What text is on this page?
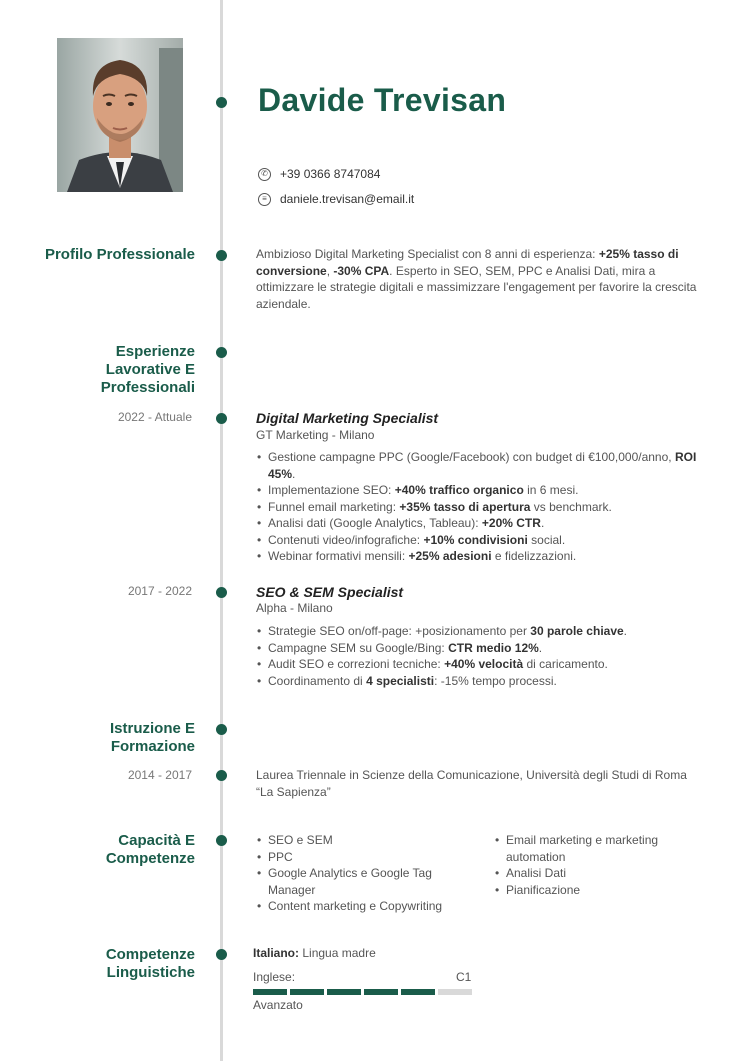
Davide Trevisan
✆ +39 0366 8747084
≡	daniele.trevisan@email.it
Profilo Professionale	Ambizioso Digital Marketing Specialist con 8 anni di esperienza: +25% tasso di conversione, -30% CPA. Esperto in SEO, SEM, PPC e Analisi Dati, mira a ottimizzare le strategie digitali e massimizzare l'engagement per favorire la crescita aziendale.
Esperienze
Lavorative E
Professionali
2022 - Attuale	Digital Marketing Specialist
GT Marketing - Milano
• Gestione campagne PPC (Google/Facebook) con budget di €100,000/anno, ROI 45%.
• Implementazione SEO: +40% traffico organico in 6 mesi.
• Funnel email marketing: +35% tasso di apertura vs benchmark.
• Analisi dati (Google Analytics, Tableau): +20% CTR.
• Contenuti video/infografiche: +10% condivisioni social.
• Webinar formativi mensili: +25% adesioni e fidelizzazioni.
2017 - 2022	SEO & SEM Specialist
Alpha - Milano
• Strategie SEO on/off-page: +posizionamento per 30 parole chiave.
• Campagne SEM su Google/Bing: CTR medio 12%.
• Audit SEO e correzioni tecniche: +40% velocità di caricamento.
• Coordinamento di 4 specialisti: -15% tempo processi.
Istruzione E
Formazione
2014 - 2017	Laurea Triennale in Scienze della Comunicazione, Università degli Studi di Roma
“La Sapienza”
Capacità E
Competenze
• SEO e SEM
• PPC
• Google Analytics e Google Tag Manager
• Content marketing e Copywriting
• Email marketing e marketing automation
• Analisi Dati
• Pianificazione
Competenze
Linguistiche
Italiano: Lingua madre
Inglese:	C1
Avanzato
